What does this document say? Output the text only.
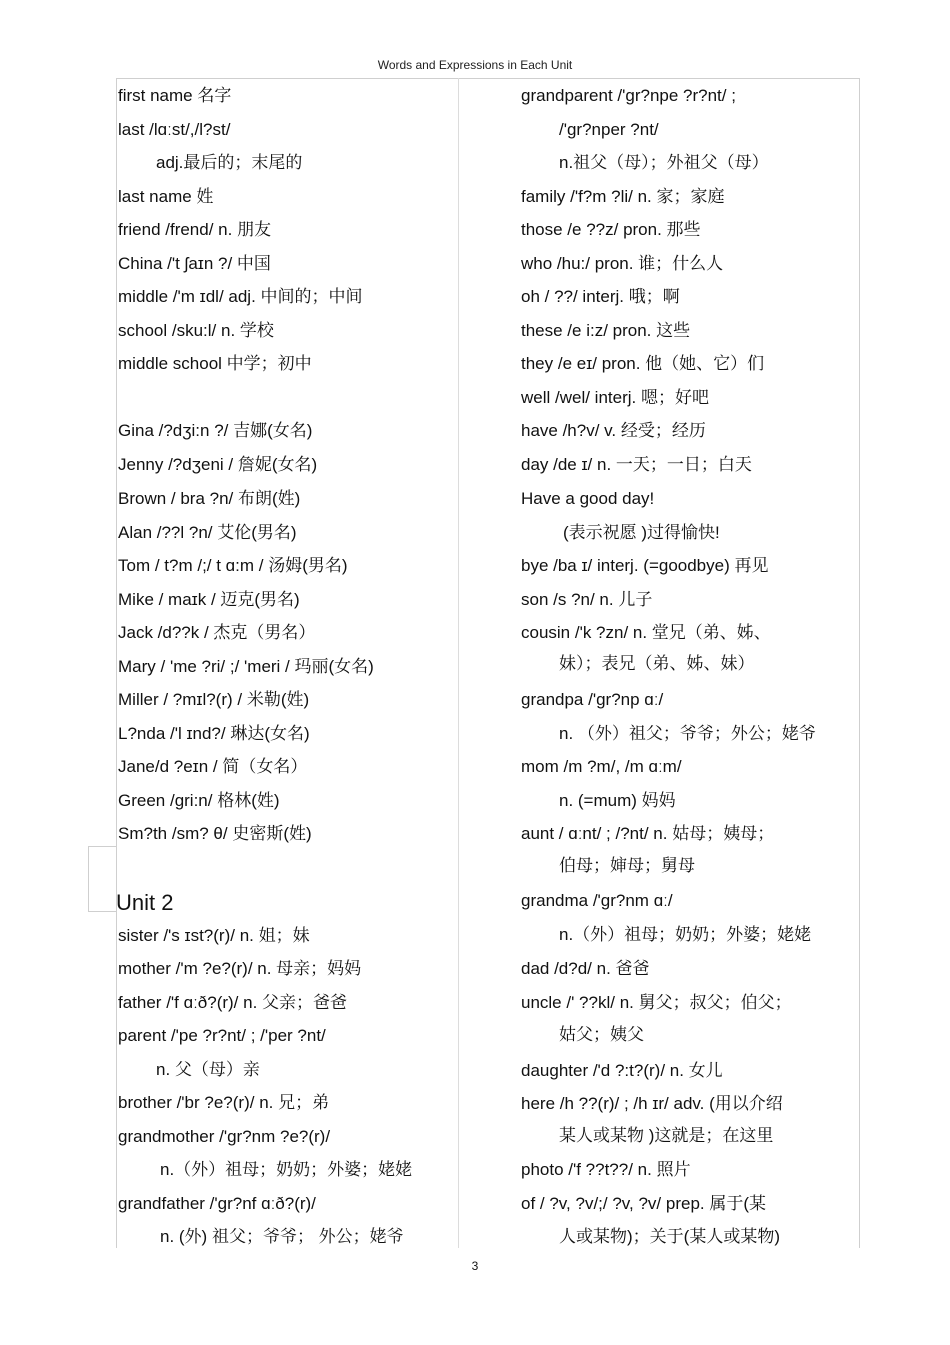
Words and Expressions in Each Unit
first name 名字
last /lɑːst/,/l?st/
adj.最后的；末尾的
last name 姓
friend /frend/ n. 朋友
China /'t ʃaɪn ?/ 中国
middle /'m ɪdl/ adj. 中间的；中间
school /sku:l/ n. 学校
middle school 中学；初中
Gina /?dʒi:n ?/ 吉娜(女名)
Jenny /?dʒeni / 詹妮(女名)
Brown / bra ?n/ 布朗(姓)
Alan /??l ?n/ 艾伦(男名)
Tom / t?m /;/ t ɑ:m / 汤姆(男名)
Mike / maɪk / 迈克(男名)
Jack /d??k / 杰克（男名）
Mary / 'me ?ri/ ;/ 'meri / 玛丽(女名)
Miller / ?mɪl?(r) / 米勒(姓)
L?nda /'l ɪnd?/ 琳达(女名)
Jane/d ?eɪn / 简（女名）
Green /gri:n/ 格林(姓)
Sm?th /sm? θ/ 史密斯(姓)
Unit 2
sister /'s ɪst?(r)/ n. 姐；妹
mother /'m ?e?(r)/ n. 母亲；妈妈
father /'f ɑːð?(r)/ n. 父亲；爸爸
parent /'pe ?r?nt/ ; /'per ?nt/
n. 父（母）亲
brother /'br ?e?(r)/ n. 兄；弟
grandmother /'gr?nm ?e?(r)/
n.（外）祖母；奶奶；外婆；姥姥
grandfather /'gr?nf ɑːð?(r)/
n. (外) 祖父；爷爷； 外公；姥爷
grandparent /'gr?npe ?r?nt/ ;
/'gr?nper ?nt/
n.祖父（母）；外祖父（母）
family /'f?m ?li/ n. 家；家庭
those /e ??z/ pron. 那些
who /hu:/ pron. 谁；什么人
oh / ??/ interj. 哦；啊
these /e i:z/ pron. 这些
they /e eɪ/ pron. 他（她、它）们
well /wel/ interj. 嗯；好吧
have /h?v/ v. 经受；经历
day /de ɪ/ n. 一天；一日；白天
Have a good day!
(表示祝愿 )过得愉快!
bye /ba ɪ/ interj. (=goodbye) 再见
son /s ?n/ n. 儿子
cousin /'k ?zn/ n. 堂兄（弟、姊、
妹）；表兄（弟、姊、妹）
grandpa /'gr?np ɑː/
n. （外）祖父；爷爷；外公；姥爷
mom /m ?m/, /m ɑːm/
n. (=mum) 妈妈
aunt / ɑːnt/ ; /?nt/ n. 姑母；姨母；
伯母；婶母；舅母
grandma /'gr?nm ɑː/
n.（外）祖母；奶奶；外婆；姥姥
dad /d?d/ n. 爸爸
uncle /' ??kl/ n. 舅父；叔父；伯父；
姑父；姨父
daughter /'d ?:t?(r)/ n. 女儿
here /h ??(r)/ ; /h ɪr/ adv. (用以介绍
某人或某物 )这就是；在这里
photo /'f ??t??/ n. 照片
of / ?v, ?v/;/ ?v, ?v/ prep. 属于(某
人或某物)；关于(某人或某物)
3
